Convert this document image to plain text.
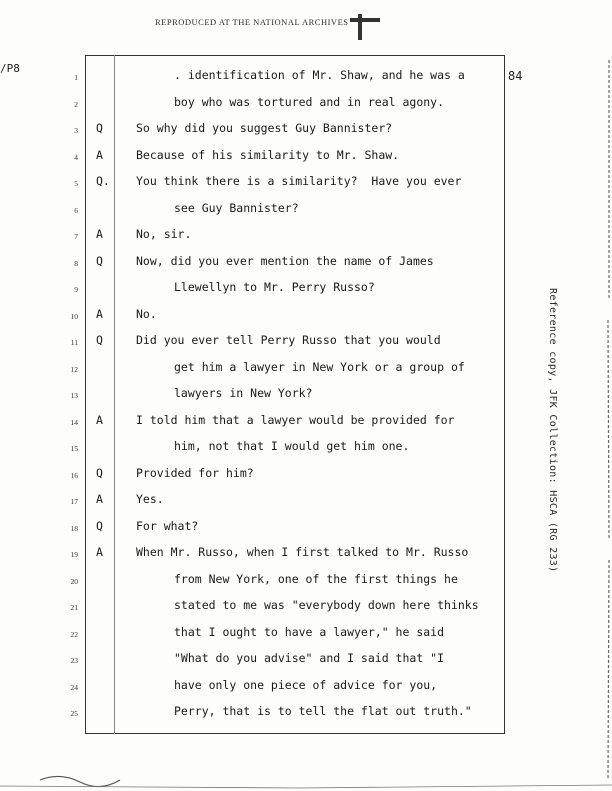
REPRODUCED AT THE NATIONAL ARCHIVES
/P8
84
1	. identification of Mr. Shaw, and he was a
2	boy who was tortured and in real agony.
3 Q	So why did you suggest Guy Bannister?
4 A	Because of his similarity to Mr. Shaw.
5 Q. You think there is a similarity?  Have you ever
6	see Guy Bannister?
7 A	No, sir.
8 Q	Now, did you ever mention the name of James
9	Llewellyn to Mr. Perry Russo?
10 A	No.
11 Q	Did you ever tell Perry Russo that you would
12	get him a lawyer in New York or a group of
13	lawyers in New York?
14 A	I told him that a lawyer would be provided for
15	him, not that I would get him one.
16 Q	Provided for him?
17 A	Yes.
18 Q	For what?
19 A	When Mr. Russo, when I first talked to Mr. Russo
20	from New York, one of the first things he
21	stated to me was "everybody down here thinks
22	that I ought to have a lawyer," he said
23	"What do you advise" and I said that "I
24	have only one piece of advice for you,
25	Perry, that is to tell the flat out truth."
Reference copy, JFK Collection: HSCA (RG 233)
